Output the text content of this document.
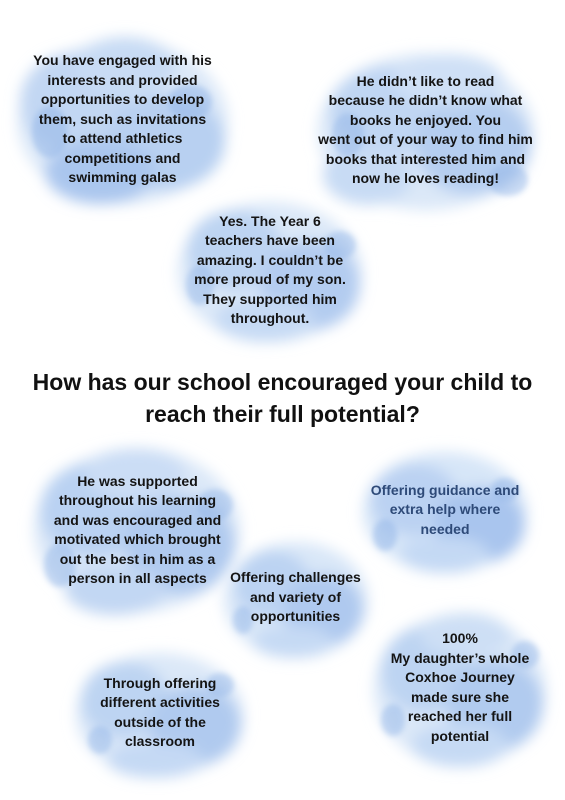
You have engaged with his
interests and provided
opportunities to develop
them, such as invitations
to attend athletics
competitions and
swimming galas
He didn’t like to read
because he didn’t know what
books he enjoyed. You
went out of your way to find him
books that interested him and
now he loves reading!
Yes. The Year 6
teachers have been
amazing. I couldn’t be
more proud of my son.
They supported him
throughout.
How has our school encouraged your child to
reach their full potential?
He was supported
throughout his learning
and was encouraged and
motivated which brought
out the best in him as a
person in all aspects
Offering guidance and
extra help where
needed
Offering challenges
and variety of
opportunities
100%
My daughter’s whole
Coxhoe Journey
made sure she
reached her full
potential
Through offering
different activities
outside of the
classroom
